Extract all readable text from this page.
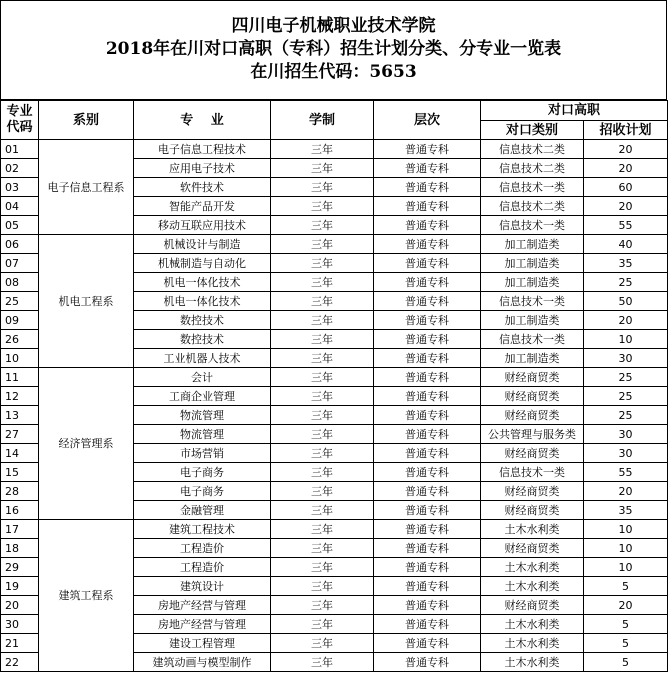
四川电子机械职业技术学院
2018年在川对口高职（专科）招生计划分类、分专业一览表
在川招生代码：5653
专业
代码	系别	专　 业	学制	层次	对口高职	
					对口类别	招收计划
01	电子信息工程系	电子信息工程技术	三年	普通专科	信息技术二类	20
02		应用电子技术	三年	普通专科	信息技术二类	20
03		软件技术	三年	普通专科	信息技术一类	60
04		智能产品开发	三年	普通专科	信息技术二类	20
05		移动互联应用技术	三年	普通专科	信息技术一类	55
06	机电工程系	机械设计与制造	三年	普通专科	加工制造类	40
07		机械制造与自动化	三年	普通专科	加工制造类	35
08		机电一体化技术	三年	普通专科	加工制造类	25
25		机电一体化技术	三年	普通专科	信息技术一类	50
09		数控技术	三年	普通专科	加工制造类	20
26		数控技术	三年	普通专科	信息技术一类	10
10		工业机器人技术	三年	普通专科	加工制造类	30
11	经济管理系	会计	三年	普通专科	财经商贸类	25
12		工商企业管理	三年	普通专科	财经商贸类	25
13		物流管理	三年	普通专科	财经商贸类	25
27		物流管理	三年	普通专科	公共管理与服务类	30
14		市场营销	三年	普通专科	财经商贸类	30
15		电子商务	三年	普通专科	信息技术一类	55
28		电子商务	三年	普通专科	财经商贸类	20
16		金融管理	三年	普通专科	财经商贸类	35
17	建筑工程系	建筑工程技术	三年	普通专科	土木水利类	10
18		工程造价	三年	普通专科	财经商贸类	10
29		工程造价	三年	普通专科	土木水利类	10
19		建筑设计	三年	普通专科	土木水利类	5
20		房地产经营与管理	三年	普通专科	财经商贸类	20
30		房地产经营与管理	三年	普通专科	土木水利类	5
21		建设工程管理	三年	普通专科	土木水利类	5
22		建筑动画与模型制作	三年	普通专科	土木水利类	5
